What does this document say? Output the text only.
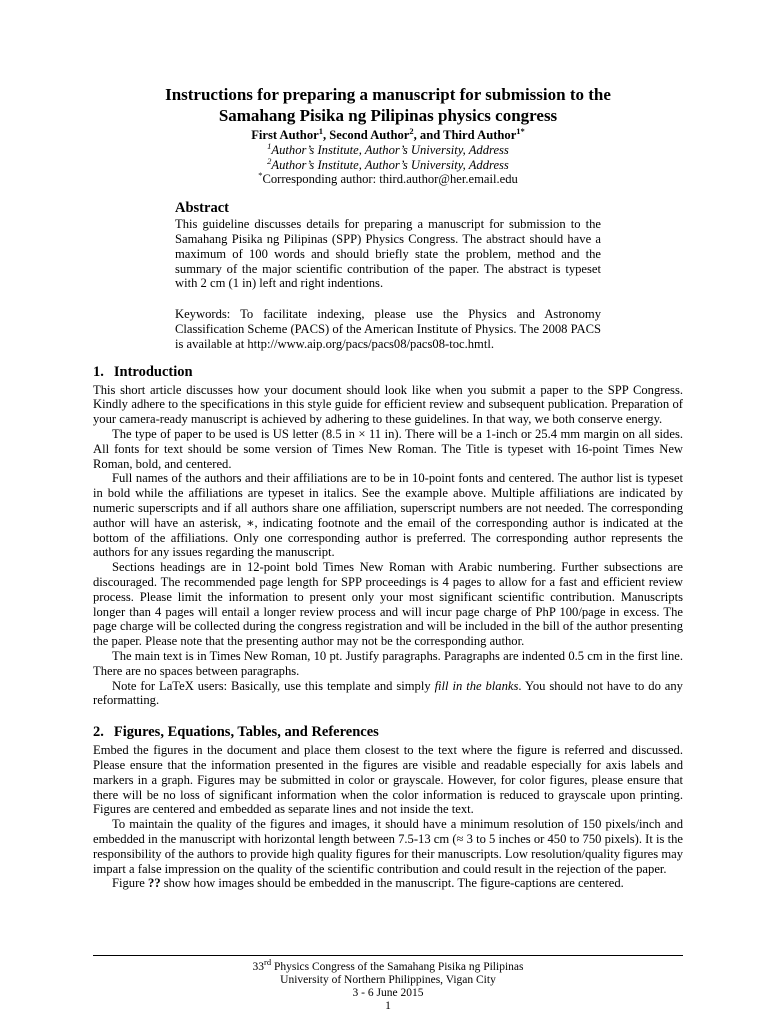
Instructions for preparing a manuscript for submission to the
Samahang Pisika ng Pilipinas physics congress
First Author$^1$, Second Author$^2$, and Third Author$^{1*}$
$^1$Author’s Institute, Author’s University, Address
$^2$Author’s Institute, Author’s University, Address
*Corresponding author: third.author@her.email.edu
Abstract

This guideline discusses details for preparing a manuscript for submission to the Samahang Pisika ng Pilipinas (SPP) Physics Congress. The abstract should have a maximum of 100 words and should briefly state the problem, method and the summary of the major scientific contribution of the paper. The abstract is typeset with 2 cm (1 in) left and right indentions.

Keywords: To facilitate indexing, please use the Physics and Astronomy Classification Scheme (PACS) of the American Institute of Physics. The 2008 PACS is available at http://www.aip.org/pacs/pacs08/pacs08-toc.hmtl.

1. Introduction

This short article discusses how your document should look like when you submit a paper to the SPP Congress. Kindly adhere to the specifications in this style guide for efficient review and subsequent publication. Preparation of your camera-ready manuscript is achieved by adhering to these guidelines. In that way, we both conserve energy.

The type of paper to be used is US letter (8.5 in × 11 in). There will be a 1-inch or 25.4 mm margin on all sides. All fonts for text should be some version of Times New Roman. The Title is typeset with 16-point Times New Roman, bold, and centered.

Full names of the authors and their affiliations are to be in 10-point fonts and centered. The author list is typeset in bold while the affiliations are typeset in italics. See the example above. Multiple affiliations are indicated by numeric superscripts and if all authors share one affiliation, superscript numbers are not needed. The corresponding author will have an asterisk, ∗, indicating footnote and the email of the corresponding author is indicated at the bottom of the affiliations. Only one corresponding author is preferred. The corresponding author represents the authors for any issues regarding the manuscript.

Sections headings are in 12-point bold Times New Roman with Arabic numbering. Further subsections are discouraged. The recommended page length for SPP proceedings is 4 pages to allow for a fast and efficient review process. Please limit the information to present only your most significant scientific contribution. Manuscripts longer than 4 pages will entail a longer review process and will incur page charge of PhP 100/page in excess. The page charge will be collected during the congress registration and will be included in the bill of the author presenting the paper. Please note that the presenting author may not be the corresponding author.

The main text is in Times New Roman, 10 pt. Justify paragraphs. Paragraphs are indented 0.5 cm in the first line. There are no spaces between paragraphs.

Note for LaTeX users: Basically, use this template and simply fill in the blanks. You should not have to do any reformatting.

2. Figures, Equations, Tables, and References

Embed the figures in the document and place them closest to the text where the figure is referred and discussed. Please ensure that the information presented in the figures are visible and readable especially for axis labels and markers in a graph. Figures may be submitted in color or grayscale. However, for color figures, please ensure that there will be no loss of significant information when the color information is reduced to grayscale upon printing. Figures are centered and embedded as separate lines and not inside the text.

To maintain the quality of the figures and images, it should have a minimum resolution of 150 pixels/inch and embedded in the manuscript with horizontal length between 7.5-13 cm (≈ 3 to 5 inches or 450 to 750 pixels). It is the responsibility of the authors to provide high quality figures for their manuscripts. Low resolution/quality figures may impart a false impression on the quality of the scientific contribution and could result in the rejection of the paper.

Figure ?? show how images should be embedded in the manuscript. The figure-captions are centered.

33rd Physics Congress of the Samahang Pisika ng Pilipinas
University of Northern Philippines, Vigan City
3 - 6 June 2015
1
